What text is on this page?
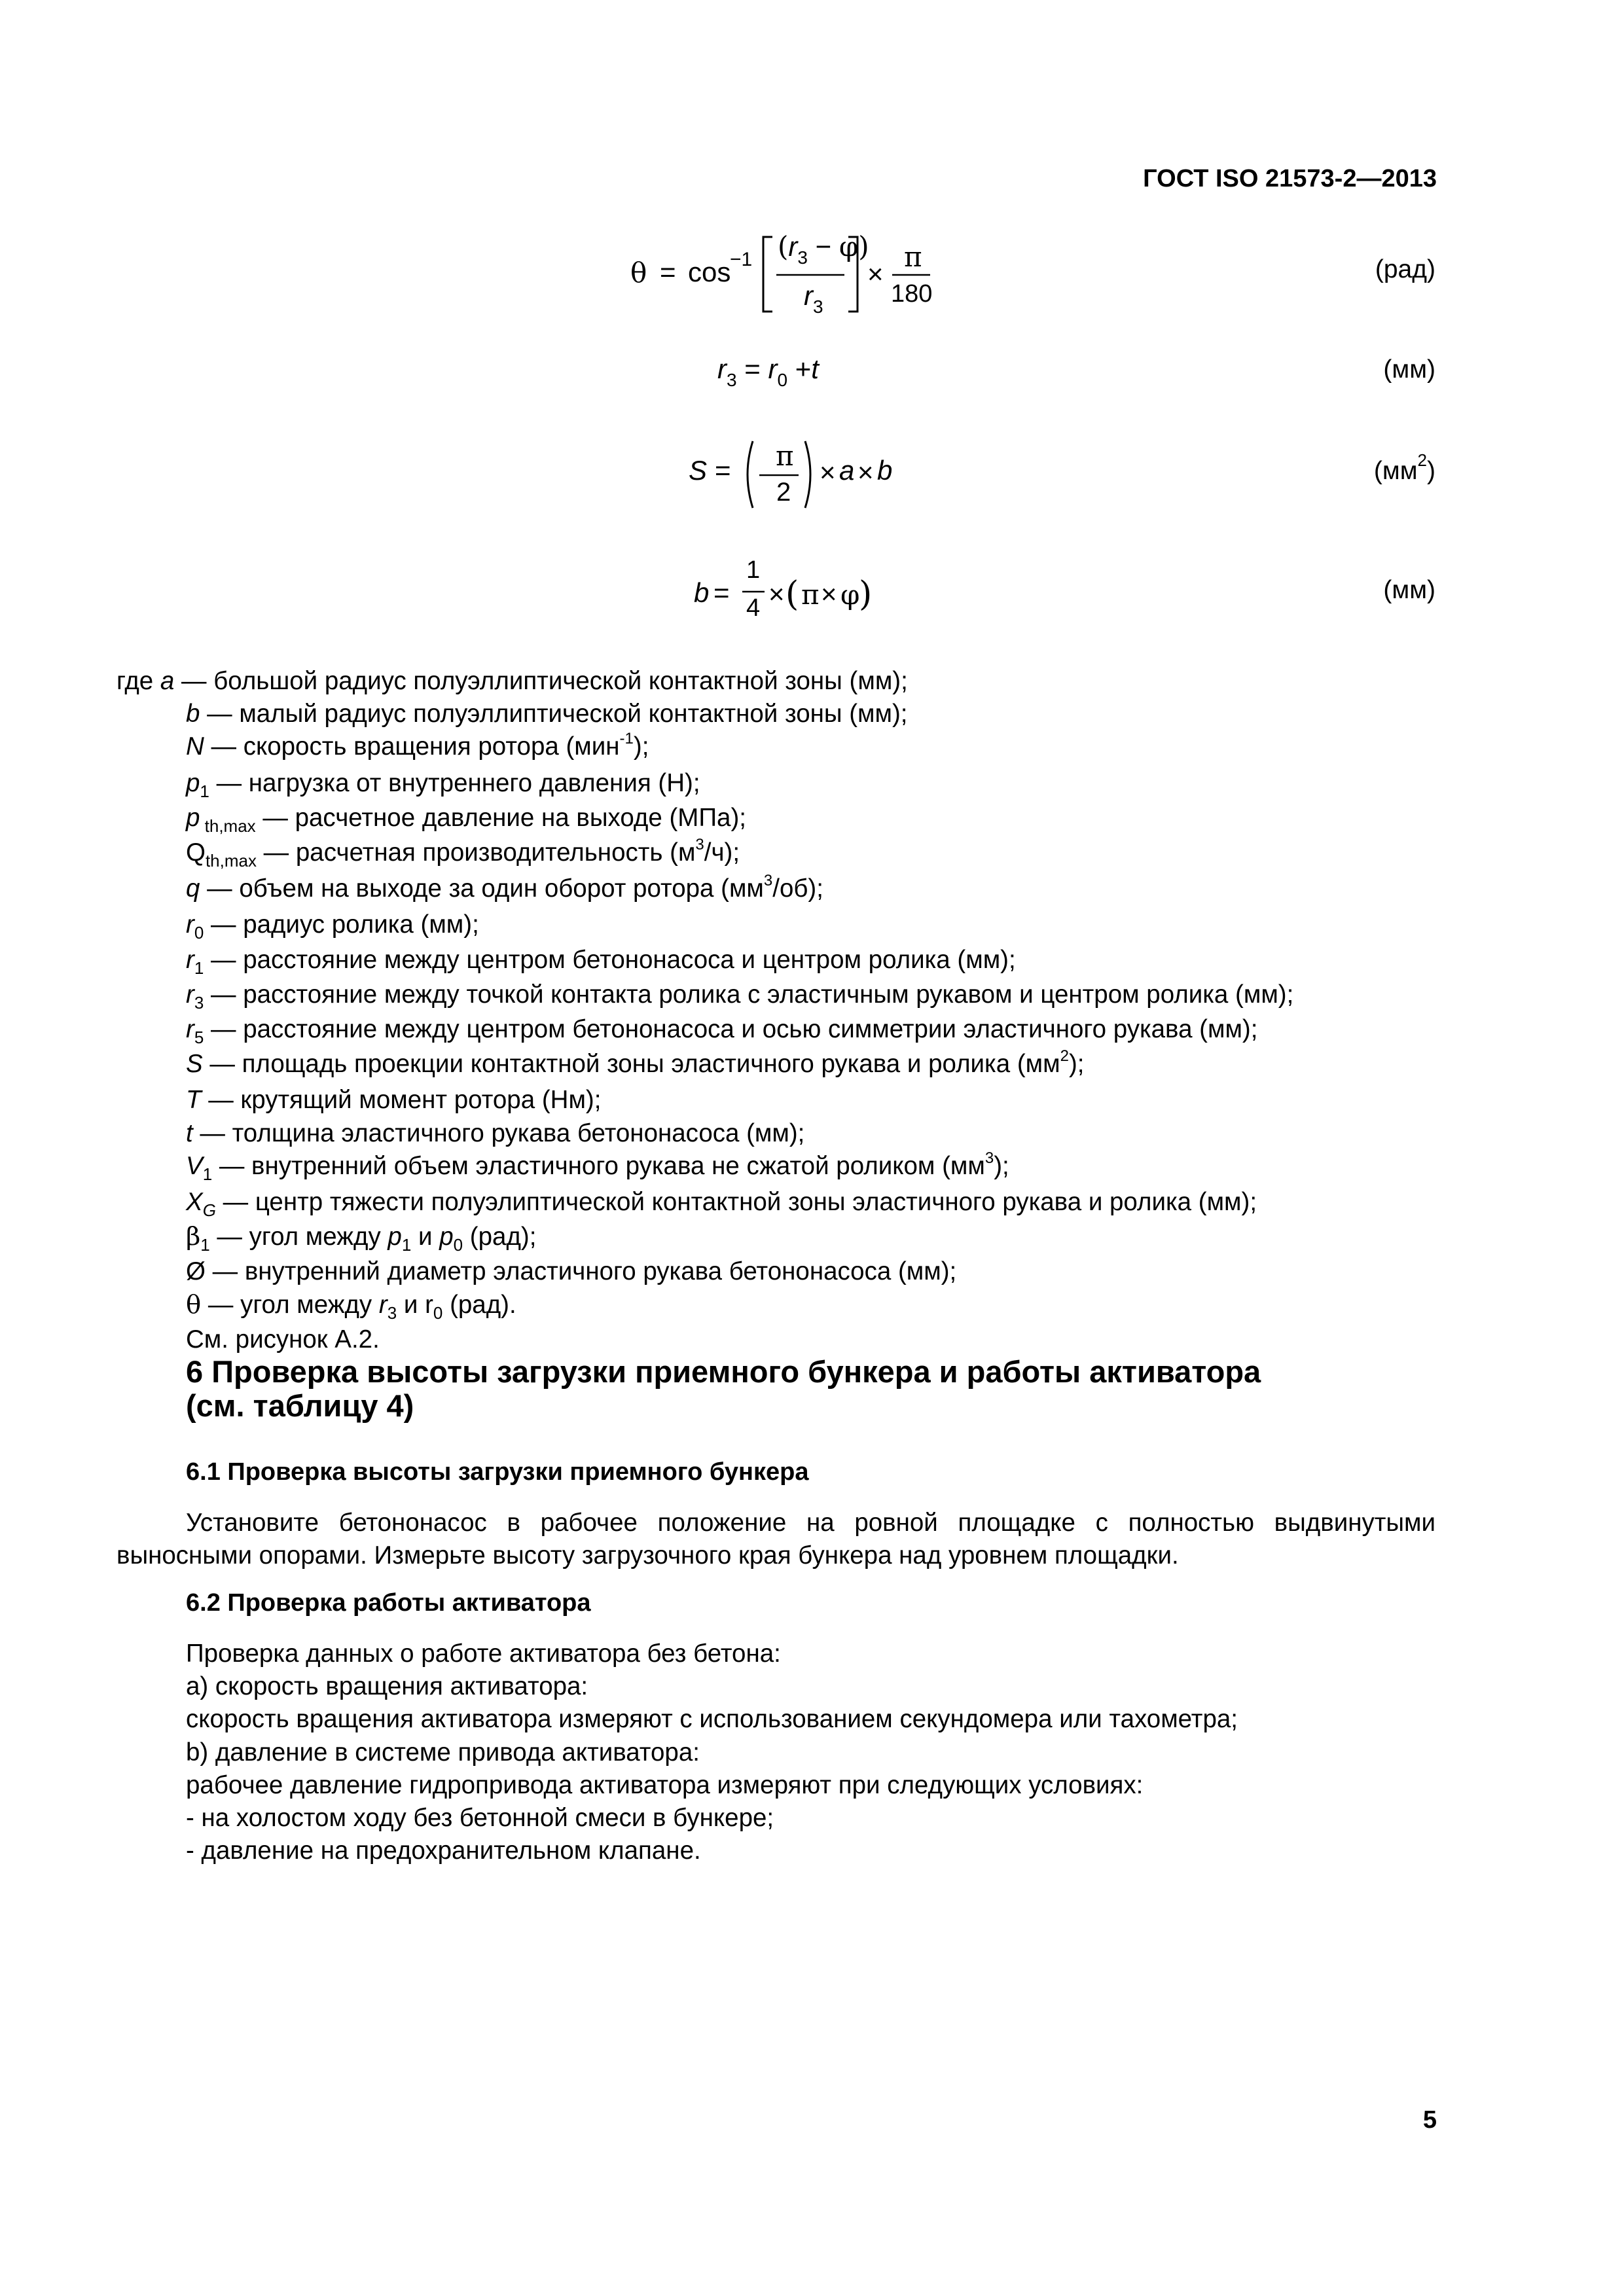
ГОСТ ISO 21573-2—2013
θ = cos
−1 $(r_3 - \varphi)$
$r_3$
×
π
180
(рад)
$r_3 = r_0 +t$	(мм)
S = π
2
× a × b	$(мм^2)$
b =
1
4 × ( π × φ
)	(мм)
где a — большой радиус полуэллиптической контактной зоны (мм);
b — малый радиус полуэллиптической контактной зоны (мм);
N — скорость вращения ротора (мин$^{-1}$);
$p_1$ — нагрузка от внутреннего давления (Н);
p $_{th,max}$ — расчетное давление на выходе (МПа);
$Q_{th,max}$ — расчетная производительность $(м^3/ч)$;
q — объем на выходе за один оборот ротора $(мм^3/об)$;
$r_0$ — радиус ролика (мм);
$r_1$ — расстояние между центром бетононасоса и центром ролика (мм);
$r_3$ — расстояние между точкой контакта ролика с эластичным рукавом и центром ролика (мм);
$r_5$ — расстояние между центром бетононасоса и осью симметрии эластичного рукава (мм);
S — площадь проекции контактной зоны эластичного рукава и ролика $(мм^2)$;
T — крутящий момент ротора (Нм);
t — толщина эластичного рукава бетононасоса (мм);
$V_1$ — внутренний объем эластичного рукава не сжатой роликом $(мм^3)$;
$X_G$ — центр тяжести полуэлиптической контактной зоны эластичного рукава и ролика (мм);
$\beta_1$ — угол между $p_1$ и $p_0$ (рад);
Ø — внутренний диаметр эластичного рукава бетононасоса (мм);
θ — угол между $r_3$ и $r_0$ (рад).
См. рисунок А.2.
6 Проверка высоты загрузки приемного бункера и работы активатора
(см. таблицу 4)
6.1 Проверка высоты загрузки приемного бункера
Установите бетононасос в рабочее положение на ровной площадке с полностью выдвинутыми выносными опорами. Измерьте высоту загрузочного края бункера над уровнем площадки.
6.2 Проверка работы активатора
Проверка данных о работе активатора без бетона:
a) скорость вращения активатора:
скорость вращения активатора измеряют с использованием секундомера или тахометра;
b) давление в системе привода активатора:
рабочее давление гидропривода активатора измеряют при следующих условиях:
- на холостом ходу без бетонной смеси в бункере;
- давление на предохранительном клапане.
5
